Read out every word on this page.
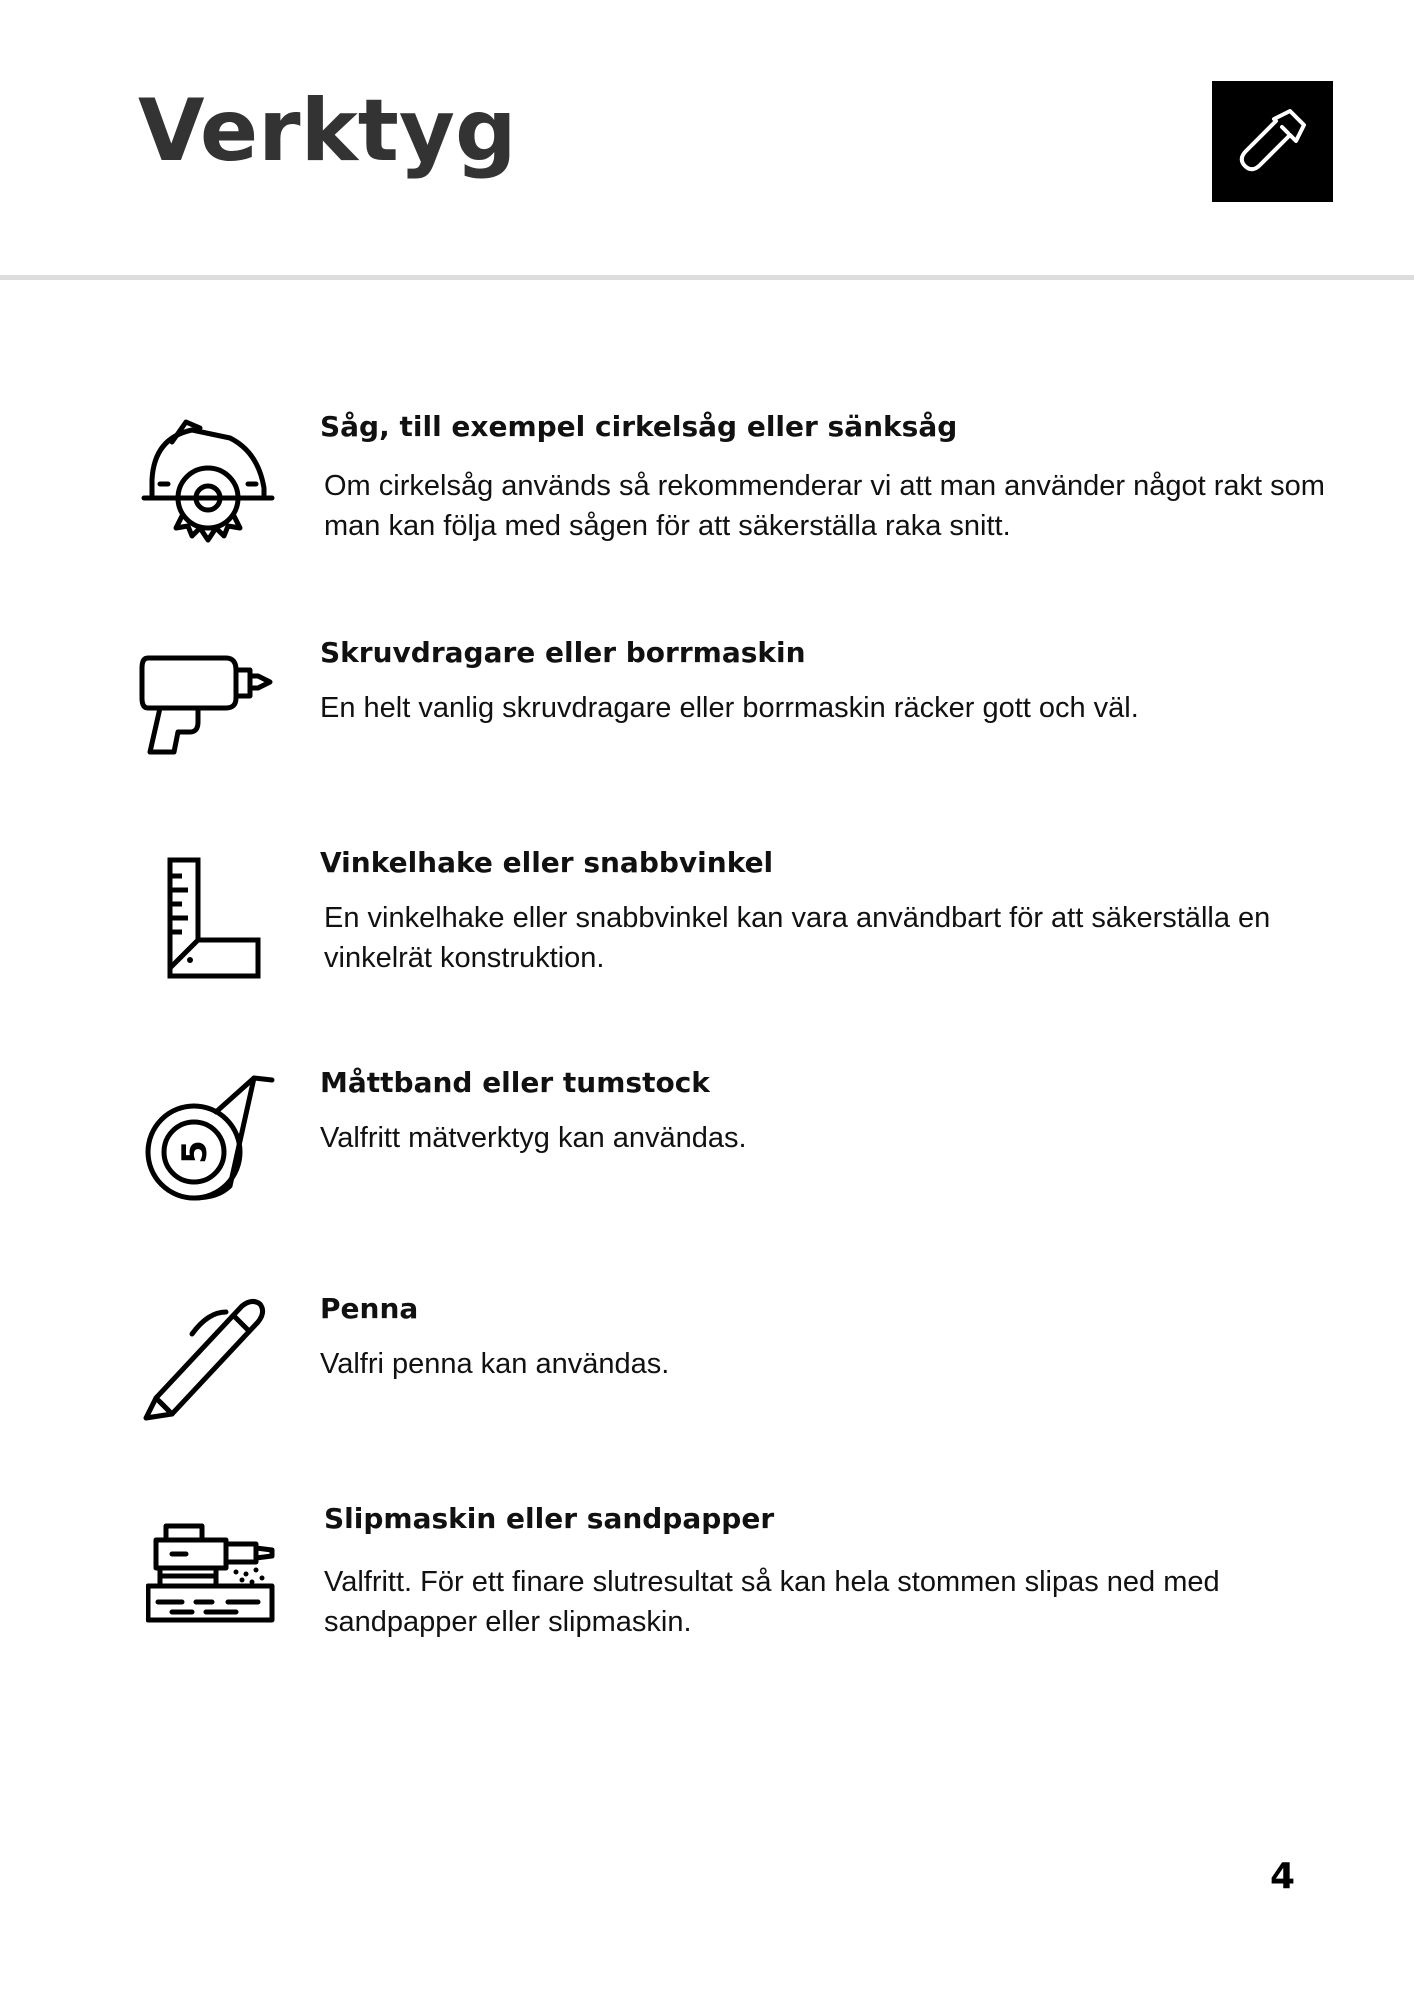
Verktyg
Såg, till exempel cirkelsåg eller sänksåg

Om cirkelsåg används så rekommenderar vi att man använder något rakt som man kan följa med sågen för att säkerställa raka snitt.

Skruvdragare eller borrmaskin

En helt vanlig skruvdragare eller borrmaskin räcker gott och väl.

Vinkelhake eller snabbvinkel

En vinkelhake eller snabbvinkel kan vara användbart för att säkerställa en vinkelrät konstruktion.

5
Måttband eller tumstock

Valfritt mätverktyg kan användas.

Penna

Valfri penna kan användas.

Slipmaskin eller sandpapper

Valfritt. För ett finare slutresultat så kan hela stommen slipas ned med sandpapper eller slipmaskin.

4
